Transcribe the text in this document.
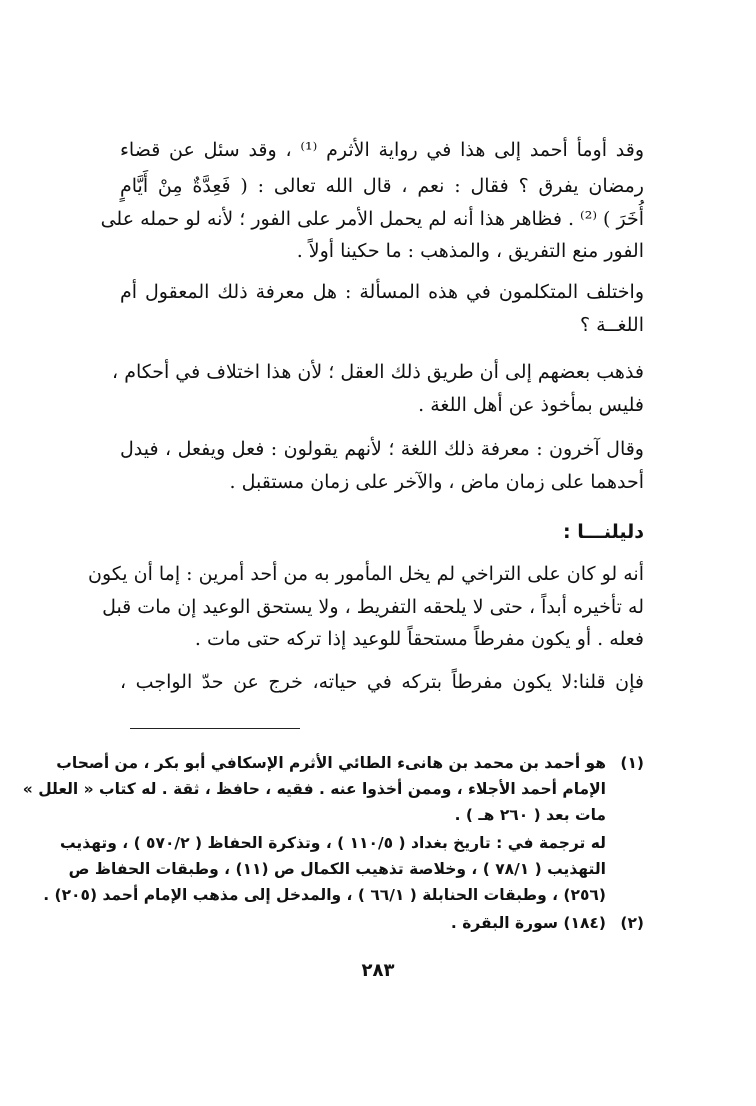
وقد أومأ أحمد إلى هذا في رواية الأثرم ⁽¹⁾ ، وقد سئل عن قضاء
رمضان يفرق ؟ فقال : نعم ، قال الله تعالى : ( فَعِدَّةٌ مِنْ أَيَّامٍ
أُخَرَ ) ⁽²⁾ . فظاهر هذا أنه لم يحمل الأمر على الفور ؛ لأنه لو حمله على
الفور منع التفريق ، والمذهب : ما حكينا أولاً .
واختلف المتكلمون في هذه المسألة : هل معرفة ذلك المعقول أم
اللغــة ؟
فذهب بعضهم إلى أن طريق ذلك العقل ؛ لأن هذا اختلاف في أحكام ،
فليس بمأخوذ عن أهل اللغة .
وقال آخرون : معرفة ذلك اللغة ؛ لأنهم يقولون : فعل ويفعل ، فيدل
أحدهما على زمان ماض ، والآخر على زمان مستقبل .
دليلنـــا :
أنه لو كان على التراخي لم يخل المأمور به من أحد أمرين : إما أن يكون
له تأخيره أبداً ، حتى لا يلحقه التفريط ، ولا يستحق الوعيد إن مات قبل
فعله . أو يكون مفرطاً مستحقاً للوعيد إذا تركه حتى مات .
فإن قلنا:لا يكون مفرطاً بتركه في حياته، خرج عن حدّ الواجب ،
(١)
هو أحمد بن محمد بن هانىء الطائي الأثرم الإسكافي أبو بكر ، من أصحاب
الإمام أحمد الأجلاء ، وممن أخذوا عنه . فقيه ، حافظ ، ثقة . له كتاب « العلل »
مات بعد ( ٢٦٠ هـ ) .
له ترجمة في : تاريخ بغداد ( ١١٠/٥ ) ، وتذكرة الحفاظ ( ٥٧٠/٢ ) ، وتهذيب
التهذيب ( ٧٨/١ ) ، وخلاصة تذهيب الكمال ص (١١) ، وطبقات الحفاظ ص
(٢٥٦) ، وطبقات الحنابلة ( ٦٦/١ ) ، والمدخل إلى مذهب الإمام أحمد (٢٠٥) .
(٢)
(١٨٤) سورة البقرة .
٢٨٣
